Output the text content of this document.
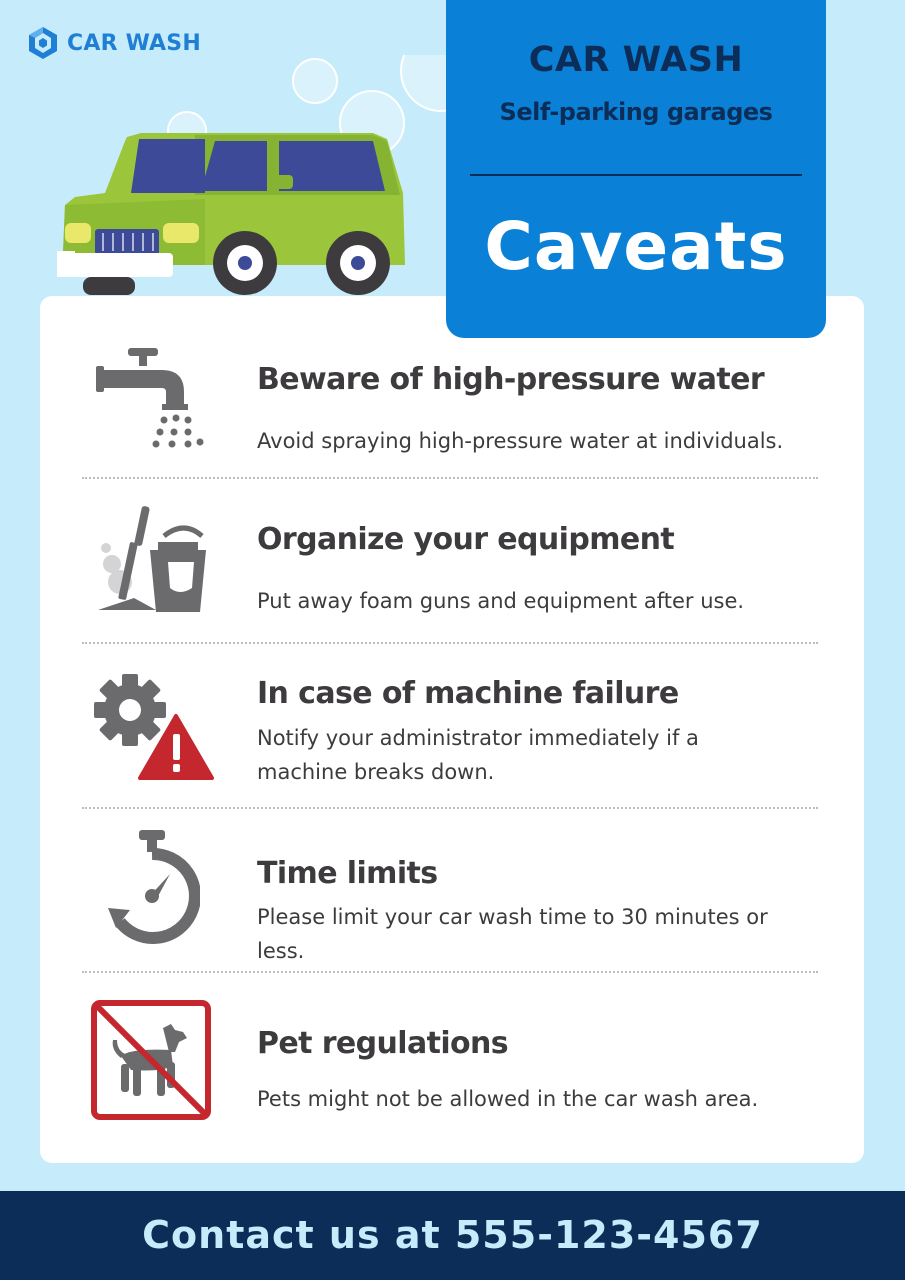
CAR WASH	CAR WASH
Self-parking garages
Caveats
Beware of high-pressure water
Avoid spraying high-pressure water at individuals.
Organize your equipment
Put away foam guns and equipment after use.
In case of machine failure
Notify your administrator immediately if a machine breaks down.
Time limits
Please limit your car wash time to 30 minutes or less.
Pet regulations
Pets might not be allowed in the car wash area.
Contact us at 555-123-4567
